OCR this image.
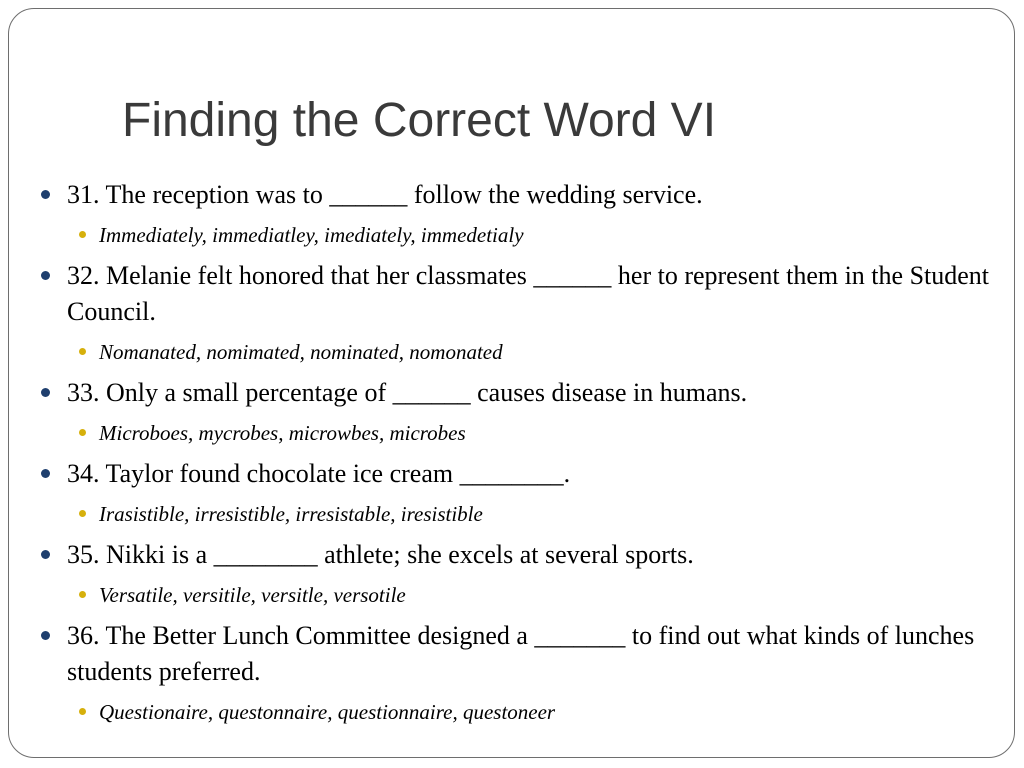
Finding the Correct Word VI
31. The reception was to ______ follow the wedding service.
Immediately, immediatley, imediately, immedetialy
32. Melanie felt honored that her classmates ______ her to represent them in the Student Council.
Nomanated, nomimated, nominated, nomonated
33. Only a small percentage of ______ causes disease in humans.
Microboes, mycrobes, microwbes, microbes
34. Taylor found chocolate ice cream ________.
Irasistible, irresistible, irresistable, iresistible
35. Nikki is a ________ athlete; she excels at several sports.
Versatile, versitile, versitle, versotile
36. The Better Lunch Committee designed a _______ to find out what kinds of lunches students preferred.
Questionaire, questonnaire, questionnaire, questoneer
